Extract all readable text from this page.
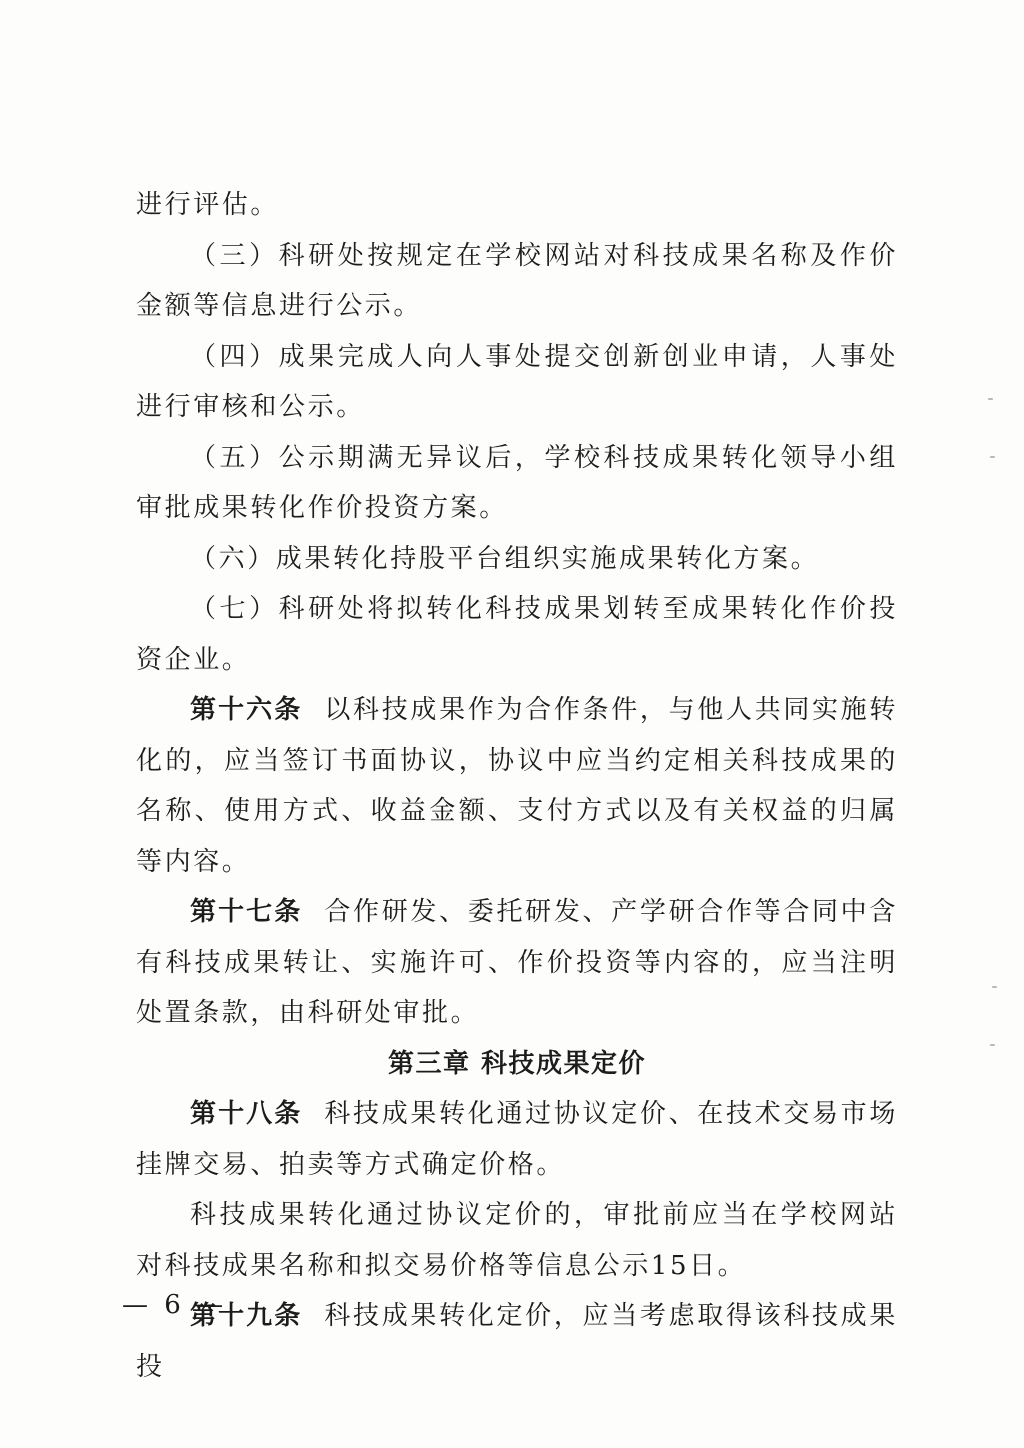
进行评估。

（三）科研处按规定在学校网站对科技成果名称及作价金额等信息进行公示。

（四）成果完成人向人事处提交创新创业申请，人事处进行审核和公示。

（五）公示期满无异议后，学校科技成果转化领导小组审批成果转化作价投资方案。

（六）成果转化持股平台组织实施成果转化方案。

（七）科研处将拟转化科技成果划转至成果转化作价投资企业。

第十六条 以科技成果作为合作条件，与他人共同实施转化的，应当签订书面协议，协议中应当约定相关科技成果的名称、使用方式、收益金额、支付方式以及有关权益的归属等内容。

第十七条 合作研发、委托研发、产学研合作等合同中含有科技成果转让、实施许可、作价投资等内容的，应当注明处置条款，由科研处审批。

第三章 科技成果定价

第十八条 科技成果转化通过协议定价、在技术交易市场挂牌交易、拍卖等方式确定价格。

科技成果转化通过协议定价的，审批前应当在学校网站对科技成果名称和拟交易价格等信息公示15日。

第十九条 科技成果转化定价，应当考虑取得该科技成果投

— 6 —
